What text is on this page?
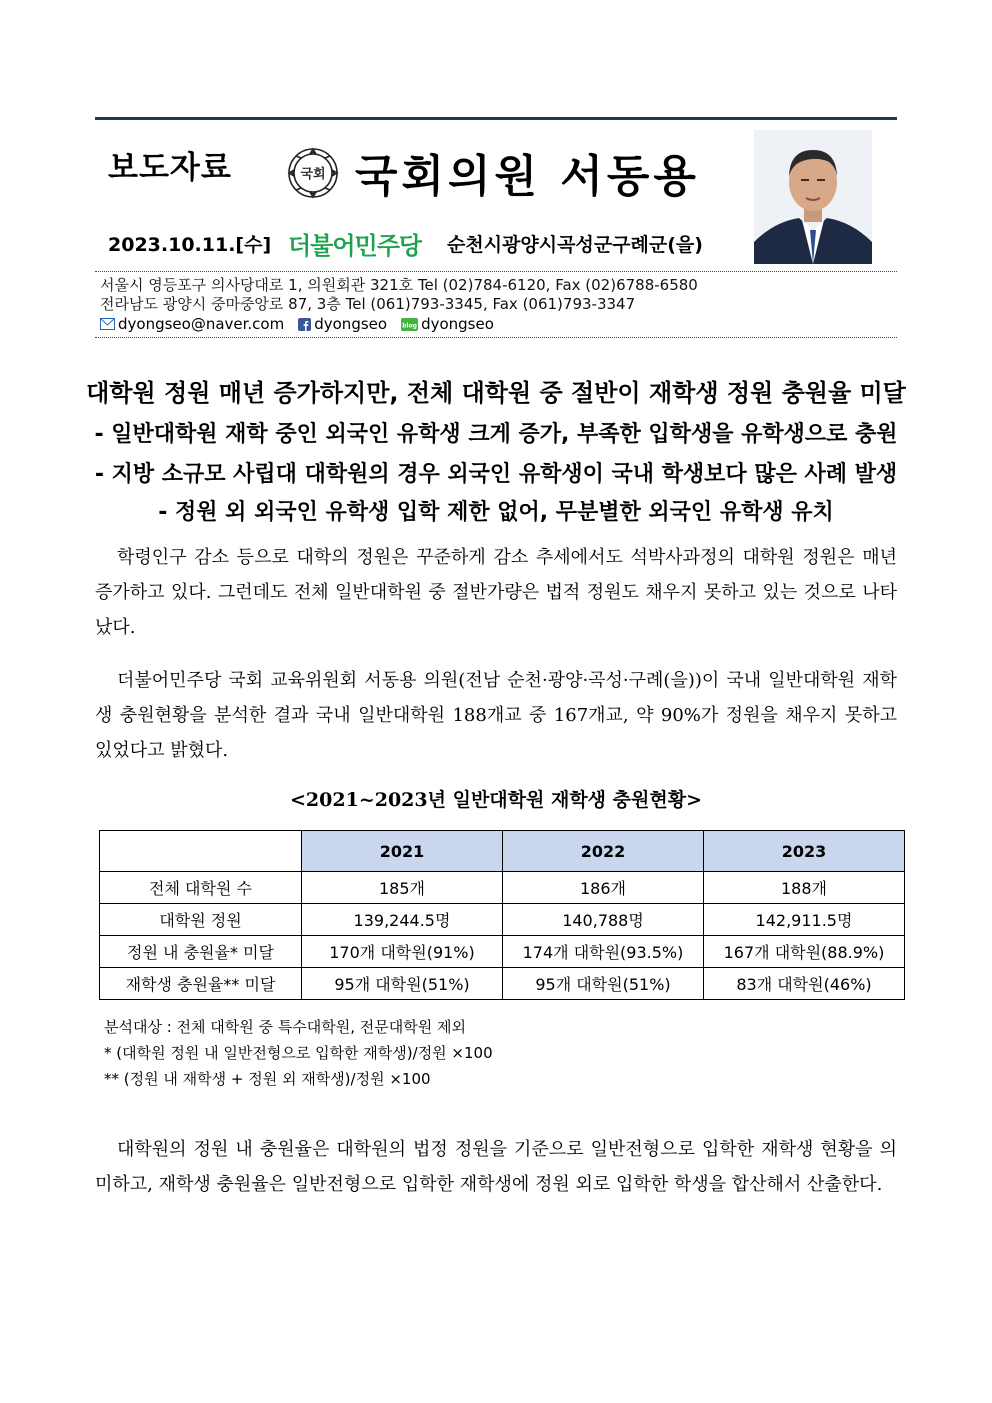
보도자료	국회 국회의원 서동용
2023.10.11.[수] 더불어민주당 순천시광양시곡성군구례군(을)
서울시 영등포구 의사당대로 1, 의원회관 321호 Tel (02)784-6120, Fax (02)6788-6580
전라남도 광양시 중마중앙로 87, 3층 Tel (061)793-3345, Fax (061)793-3347
dyongseo@naver.com dyongseo	blog dyongseo
대학원 정원 매년 증가하지만, 전체 대학원 중 절반이 재학생 정원 충원율 미달
- 일반대학원 재학 중인 외국인 유학생 크게 증가, 부족한 입학생을 유학생으로 충원
- 지방 소규모 사립대 대학원의 경우 외국인 유학생이 국내 학생보다 많은 사례 발생
- 정원 외 외국인 유학생 입학 제한 없어, 무분별한 외국인 유학생 유치

학령인구 감소 등으로 대학의 정원은 꾸준하게 감소 추세에서도 석박사과정의 대학원 정원은 매년 증가하고 있다. 그런데도 전체 일반대학원 중 절반가량은 법적 정원도 채우지 못하고 있는 것으로 나타났다.

더불어민주당 국회 교육위원회 서동용 의원(전남 순천·광양·곡성·구례(을))이 국내 일반대학원 재학생 충원현황을 분석한 결과 국내 일반대학원 188개교 중 167개교, 약 90%가 정원을 채우지 못하고 있었다고 밝혔다.

<2021~2023년 일반대학원 재학생 충원현황>
	2021	2022	2023
전체 대학원 수	185개	186개	188개
대학원 정원	139,244.5명	140,788명	142,911.5명
정원 내 충원율* 미달	170개 대학원(91%)	174개 대학원(93.5%)	167개 대학원(88.9%)
재학생 충원율** 미달	95개 대학원(51%)	95개 대학원(51%)	83개 대학원(46%)
분석대상 : 전체 대학원 중 특수대학원, 전문대학원 제외
* (대학원 정원 내 일반전형으로 입학한 재학생)/정원 ×100
** (정원 내 재학생 + 정원 외 재학생)/정원 ×100

대학원의 정원 내 충원율은 대학원의 법정 정원을 기준으로 일반전형으로 입학한 재학생 현황을 의미하고, 재학생 충원율은 일반전형으로 입학한 재학생에 정원 외로 입학한 학생을 합산해서 산출한다.
